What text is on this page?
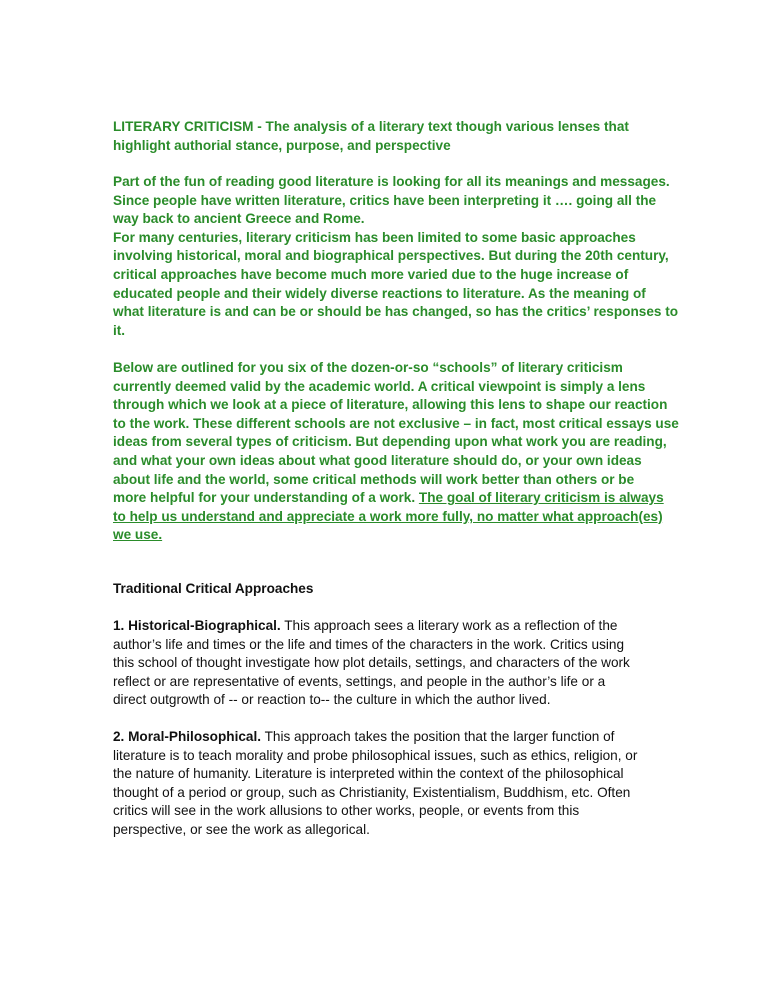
LITERARY CRITICISM - The analysis of a literary text though various lenses that
highlight authorial stance, purpose, and perspective
Part of the fun of reading good literature is looking for all its meanings and messages.
Since people have written literature, critics have been interpreting it …. going all the
way back to ancient Greece and Rome.
For many centuries, literary criticism has been limited to some basic approaches
involving historical, moral and biographical perspectives. But during the 20th century,
critical approaches have become much more varied due to the huge increase of
educated people and their widely diverse reactions to literature. As the meaning of
what literature is and can be or should be has changed, so has the critics’ responses to
it.
Below are outlined for you six of the dozen-or-so “schools” of literary criticism
currently deemed valid by the academic world. A critical viewpoint is simply a lens
through which we look at a piece of literature, allowing this lens to shape our reaction
to the work. These different schools are not exclusive – in fact, most critical essays use
ideas from several types of criticism. But depending upon what work you are reading,
and what your own ideas about what good literature should do, or your own ideas
about life and the world, some critical methods will work better than others or be
more helpful for your understanding of a work. The goal of literary criticism is always
to help us understand and appreciate a work more fully, no matter what approach(es)
we use.
Traditional Critical Approaches
1. Historical-Biographical. This approach sees a literary work as a reflection of the
author’s life and times or the life and times of the characters in the work. Critics using
this school of thought investigate how plot details, settings, and characters of the work
reflect or are representative of events, settings, and people in the author’s life or a
direct outgrowth of -- or reaction to-- the culture in which the author lived.
2. Moral-Philosophical. This approach takes the position that the larger function of
literature is to teach morality and probe philosophical issues, such as ethics, religion, or
the nature of humanity. Literature is interpreted within the context of the philosophical
thought of a period or group, such as Christianity, Existentialism, Buddhism, etc. Often
critics will see in the work allusions to other works, people, or events from this
perspective, or see the work as allegorical.
